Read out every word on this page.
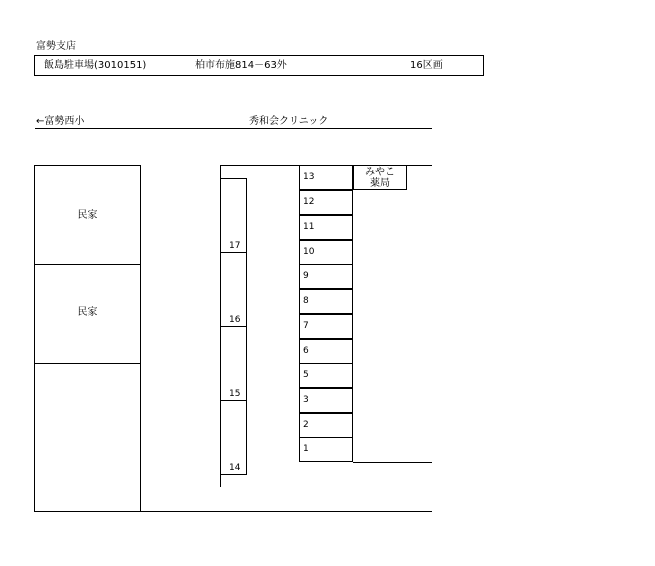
富勢支店
飯島駐車場(3010151)	柏市布施814－63外	16区画
←富勢西小	秀和会クリニック
民家
民家
17
16
15
14
13
12
11
10
9
8
7
6
5
3
2
1
みやこ
薬局
